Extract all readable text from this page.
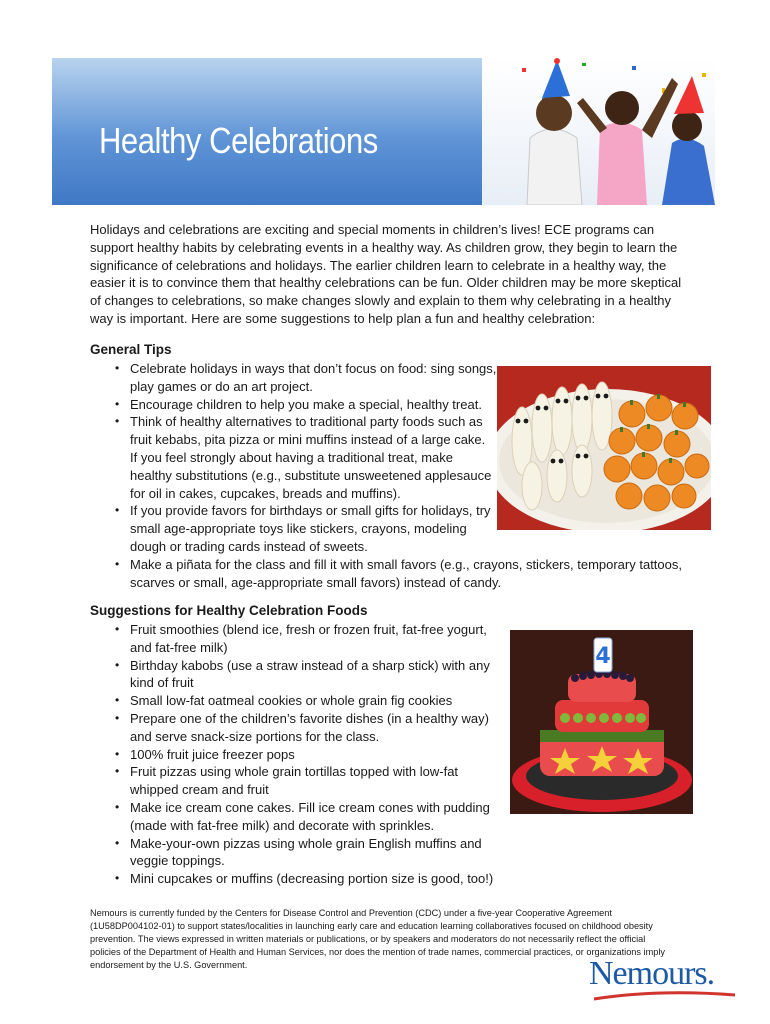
Healthy Celebrations
Holidays and celebrations are exciting and special moments in children’s lives! ECE programs can
support healthy habits by celebrating events in a healthy way. As children grow, they begin to learn the
significance of celebrations and holidays. The earlier children learn to celebrate in a healthy way, the
easier it is to convince them that healthy celebrations can be fun. Older children may be more skeptical
of changes to celebrations, so make changes slowly and explain to them why celebrating in a healthy
way is important. Here are some suggestions to help plan a fun and healthy celebration:
General Tips
• Celebrate holidays in ways that don’t focus on food: sing songs,
play games or do an art project.
• Encourage children to help you make a special, healthy treat.
• Think of healthy alternatives to traditional party foods such as
fruit kebabs, pita pizza or mini muffins instead of a large cake.
If you feel strongly about having a traditional treat, make
healthy substitutions (e.g., substitute unsweetened applesauce
for oil in cakes, cupcakes, breads and muffins).
• If you provide favors for birthdays or small gifts for holidays, try
small age-appropriate toys like stickers, crayons, modeling
dough or trading cards instead of sweets.
• Make a piñata for the class and fill it with small favors (e.g., crayons, stickers, temporary tattoos,
scarves or small, age-appropriate small favors) instead of candy.
Suggestions for Healthy Celebration Foods
• Fruit smoothies (blend ice, fresh or frozen fruit, fat-free yogurt,
and fat-free milk)
• Birthday kabobs (use a straw instead of a sharp stick) with any
kind of fruit
• Small low-fat oatmeal cookies or whole grain fig cookies
• Prepare one of the children’s favorite dishes (in a healthy way)
and serve snack-size portions for the class.
• 100% fruit juice freezer pops
• Fruit pizzas using whole grain tortillas topped with low-fat
whipped cream and fruit
• Make ice cream cone cakes. Fill ice cream cones with pudding
(made with fat-free milk) and decorate with sprinkles.
• Make-your-own pizzas using whole grain English muffins and
veggie toppings.
• Mini cupcakes or muffins (decreasing portion size is good, too!)
4
Nemours is currently funded by the Centers for Disease Control and Prevention (CDC) under a five-year Cooperative Agreement
(1U58DP004102-01) to support states/localities in launching early care and education learning collaboratives focused on childhood obesity
prevention. The views expressed in written materials or publications, or by speakers and moderators do not necessarily reflect the official
policies of the Department of Health and Human Services, nor does the mention of trade names, commercial practices, or organizations imply
endorsement by the U.S. Government.	Nemours.
